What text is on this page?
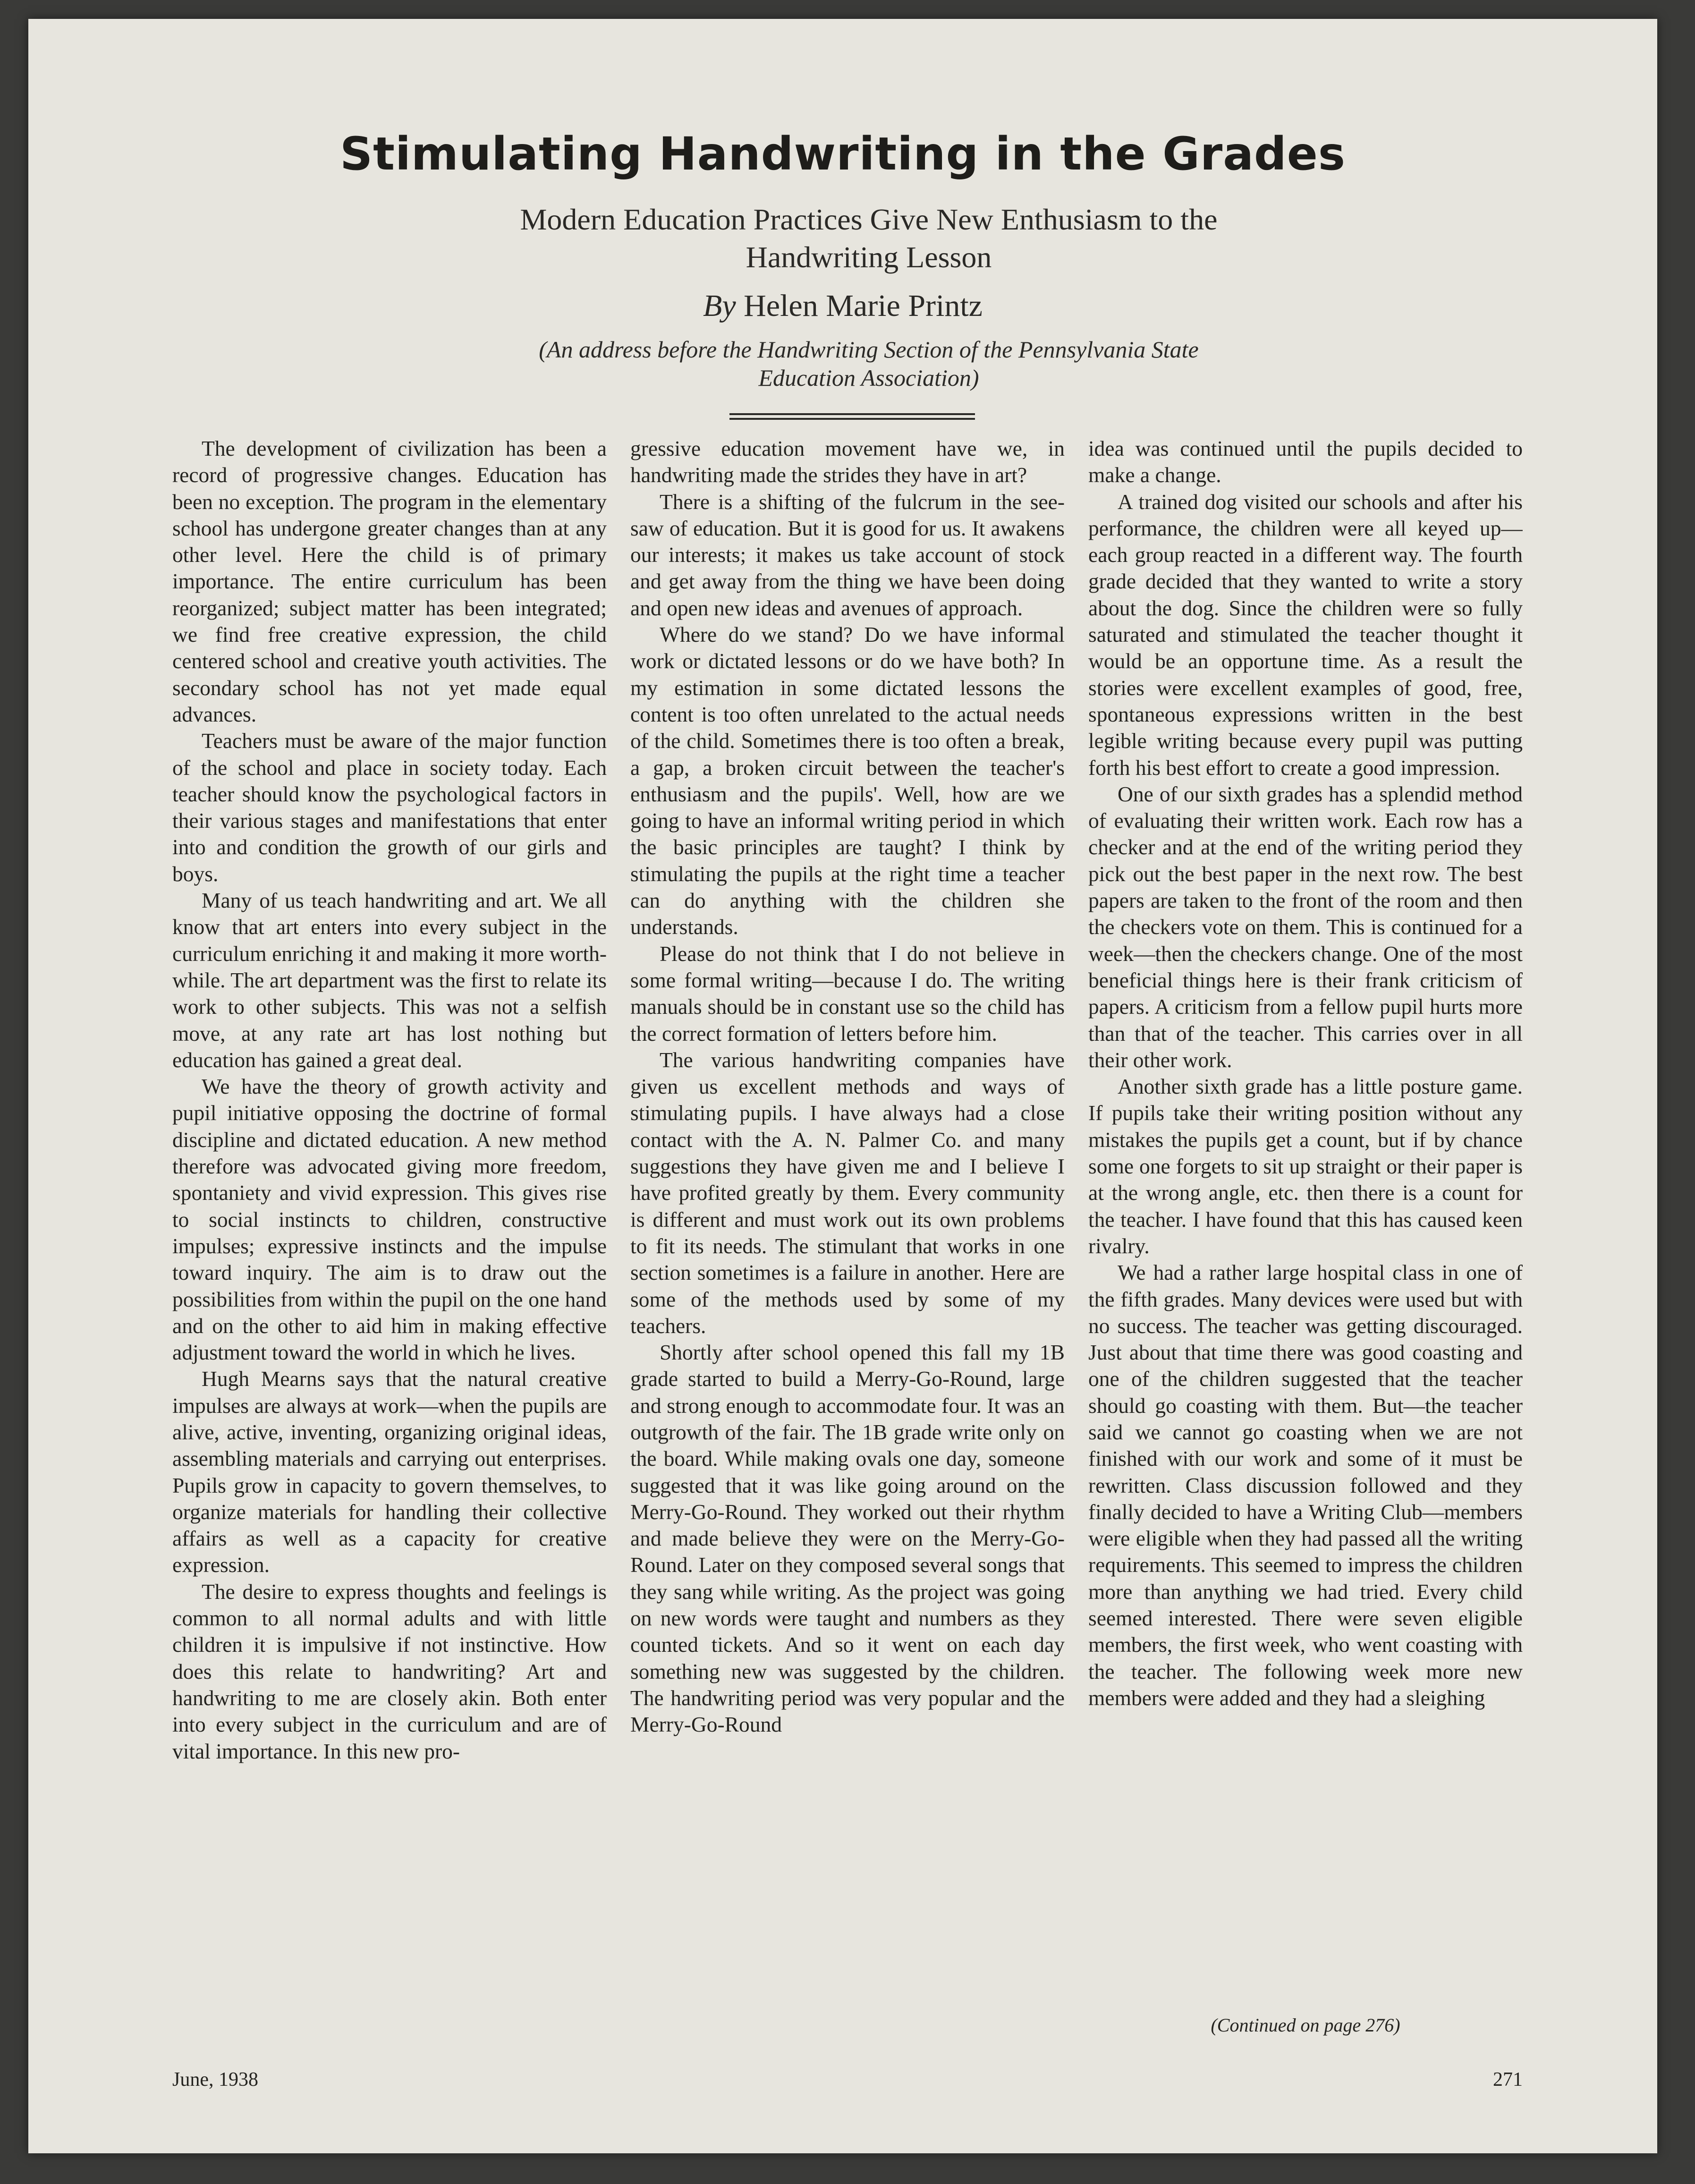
Stimulating Handwriting in the Grades

Modern Education Practices Give New Enthusiasm to the Handwriting Lesson

By Helen Marie Printz

(An address before the Handwriting Section of the Pennsylvania State Education Association)

The development of civilization has been a record of progressive changes. Education has been no exception. The program in the elementary school has undergone greater changes than at any other level. Here the child is of primary importance. The entire curriculum has been reorganized; subject matter has been integrated; we find free creative expression, the child centered school and creative youth activities. The secondary school has not yet made equal advances.

Teachers must be aware of the major function of the school and place in society today. Each teacher should know the psychological factors in their various stages and manifestations that enter into and condition the growth of our girls and boys.

Many of us teach handwriting and art. We all know that art enters into every subject in the curriculum enriching it and making it more worth-while. The art department was the first to relate its work to other subjects. This was not a selfish move, at any rate art has lost nothing but education has gained a great deal.

We have the theory of growth activity and pupil initiative opposing the doctrine of formal discipline and dictated education. A new method therefore was advocated giving more freedom, spontaniety and vivid expression. This gives rise to social instincts to children, constructive impulses; expressive instincts and the impulse toward inquiry. The aim is to draw out the possibilities from within the pupil on the one hand and on the other to aid him in making effective adjustment toward the world in which he lives.

Hugh Mearns says that the natural creative impulses are always at work—when the pupils are alive, active, inventing, organizing original ideas, assembling materials and carrying out enterprises. Pupils grow in capacity to govern themselves, to organize materials for handling their collective affairs as well as a capacity for creative expression.

The desire to express thoughts and feelings is common to all normal adults and with little children it is impulsive if not instinctive. How does this relate to handwriting? Art and handwriting to me are closely akin. Both enter into every subject in the curriculum and are of vital importance. In this new pro-

gressive education movement have we, in handwriting made the strides they have in art?

There is a shifting of the fulcrum in the see-saw of education. But it is good for us. It awakens our interests; it makes us take account of stock and get away from the thing we have been doing and open new ideas and avenues of approach.

Where do we stand? Do we have informal work or dictated lessons or do we have both? In my estimation in some dictated lessons the content is too often unrelated to the actual needs of the child. Sometimes there is too often a break, a gap, a broken circuit between the teacher's enthusiasm and the pupils'. Well, how are we going to have an informal writing period in which the basic principles are taught? I think by stimulating the pupils at the right time a teacher can do anything with the children she understands.

Please do not think that I do not believe in some formal writing—because I do. The writing manuals should be in constant use so the child has the correct formation of letters before him.

The various handwriting companies have given us excellent methods and ways of stimulating pupils. I have always had a close contact with the A. N. Palmer Co. and many suggestions they have given me and I believe I have profited greatly by them. Every community is different and must work out its own problems to fit its needs. The stimulant that works in one section sometimes is a failure in another. Here are some of the methods used by some of my teachers.

Shortly after school opened this fall my 1B grade started to build a Merry-Go-Round, large and strong enough to accommodate four. It was an outgrowth of the fair. The 1B grade write only on the board. While making ovals one day, someone suggested that it was like going around on the Merry-Go-Round. They worked out their rhythm and made believe they were on the Merry-Go-Round. Later on they composed several songs that they sang while writing. As the project was going on new words were taught and numbers as they counted tickets. And so it went on each day something new was suggested by the children. The handwriting period was very popular and the Merry-Go-Round

idea was continued until the pupils decided to make a change.

A trained dog visited our schools and after his performance, the children were all keyed up—each group reacted in a different way. The fourth grade decided that they wanted to write a story about the dog. Since the children were so fully saturated and stimulated the teacher thought it would be an opportune time. As a result the stories were excellent examples of good, free, spontaneous expressions written in the best legible writing because every pupil was putting forth his best effort to create a good impression.

One of our sixth grades has a splendid method of evaluating their written work. Each row has a checker and at the end of the writing period they pick out the best paper in the next row. The best papers are taken to the front of the room and then the checkers vote on them. This is continued for a week—then the checkers change. One of the most beneficial things here is their frank criticism of papers. A criticism from a fellow pupil hurts more than that of the teacher. This carries over in all their other work.

Another sixth grade has a little posture game. If pupils take their writing position without any mistakes the pupils get a count, but if by chance some one forgets to sit up straight or their paper is at the wrong angle, etc. then there is a count for the teacher. I have found that this has caused keen rivalry.

We had a rather large hospital class in one of the fifth grades. Many devices were used but with no success. The teacher was getting discouraged. Just about that time there was good coasting and one of the children suggested that the teacher should go coasting with them. But—the teacher said we cannot go coasting when we are not finished with our work and some of it must be rewritten. Class discussion followed and they finally decided to have a Writing Club—members were eligible when they had passed all the writing requirements. This seemed to impress the children more than anything we had tried. Every child seemed interested. There were seven eligible members, the first week, who went coasting with the teacher. The following week more new members were added and they had a sleighing

(Continued on page 276)
June, 1938	271
